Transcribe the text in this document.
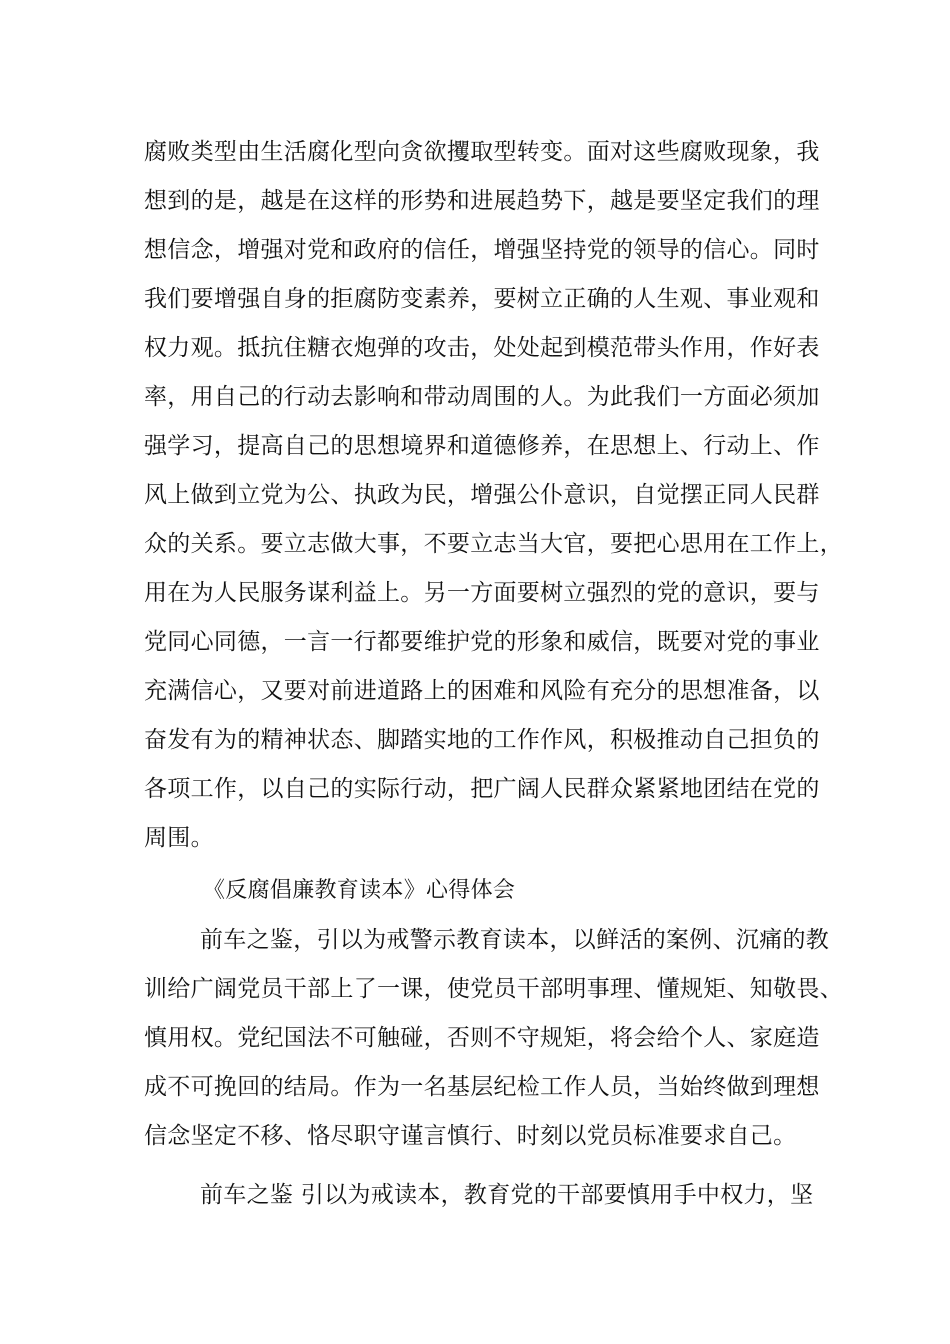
腐败类型由生活腐化型向贪欲攫取型转变。面对这些腐败现象，我
想到的是，越是在这样的形势和进展趋势下，越是要坚定我们的理
想信念，增强对党和政府的信任，增强坚持党的领导的信心。同时
我们要增强自身的拒腐防变素养，要树立正确的人生观、事业观和
权力观。抵抗住糖衣炮弹的攻击，处处起到模范带头作用，作好表
率，用自己的行动去影响和带动周围的人。为此我们一方面必须加
强学习，提高自己的思想境界和道德修养，在思想上、行动上、作
风上做到立党为公、执政为民，增强公仆意识，自觉摆正同人民群
众的关系。要立志做大事，不要立志当大官，要把心思用在工作上，
用在为人民服务谋利益上。另一方面要树立强烈的党的意识，要与
党同心同德，一言一行都要维护党的形象和威信，既要对党的事业
充满信心，又要对前进道路上的困难和风险有充分的思想准备，以
奋发有为的精神状态、脚踏实地的工作作风，积极推动自己担负的
各项工作，以自己的实际行动，把广阔人民群众紧紧地团结在党的
周围。
《反腐倡廉教育读本》心得体会
前车之鉴，引以为戒警示教育读本，以鲜活的案例、沉痛的教
训给广阔党员干部上了一课，使党员干部明事理、懂规矩、知敬畏、
慎用权。党纪国法不可触碰，否则不守规矩，将会给个人、家庭造
成不可挽回的结局。作为一名基层纪检工作人员，当始终做到理想
信念坚定不移、恪尽职守谨言慎行、时刻以党员标准要求自己。
前车之鉴 引以为戒读本，教育党的干部要慎用手中权力，坚
